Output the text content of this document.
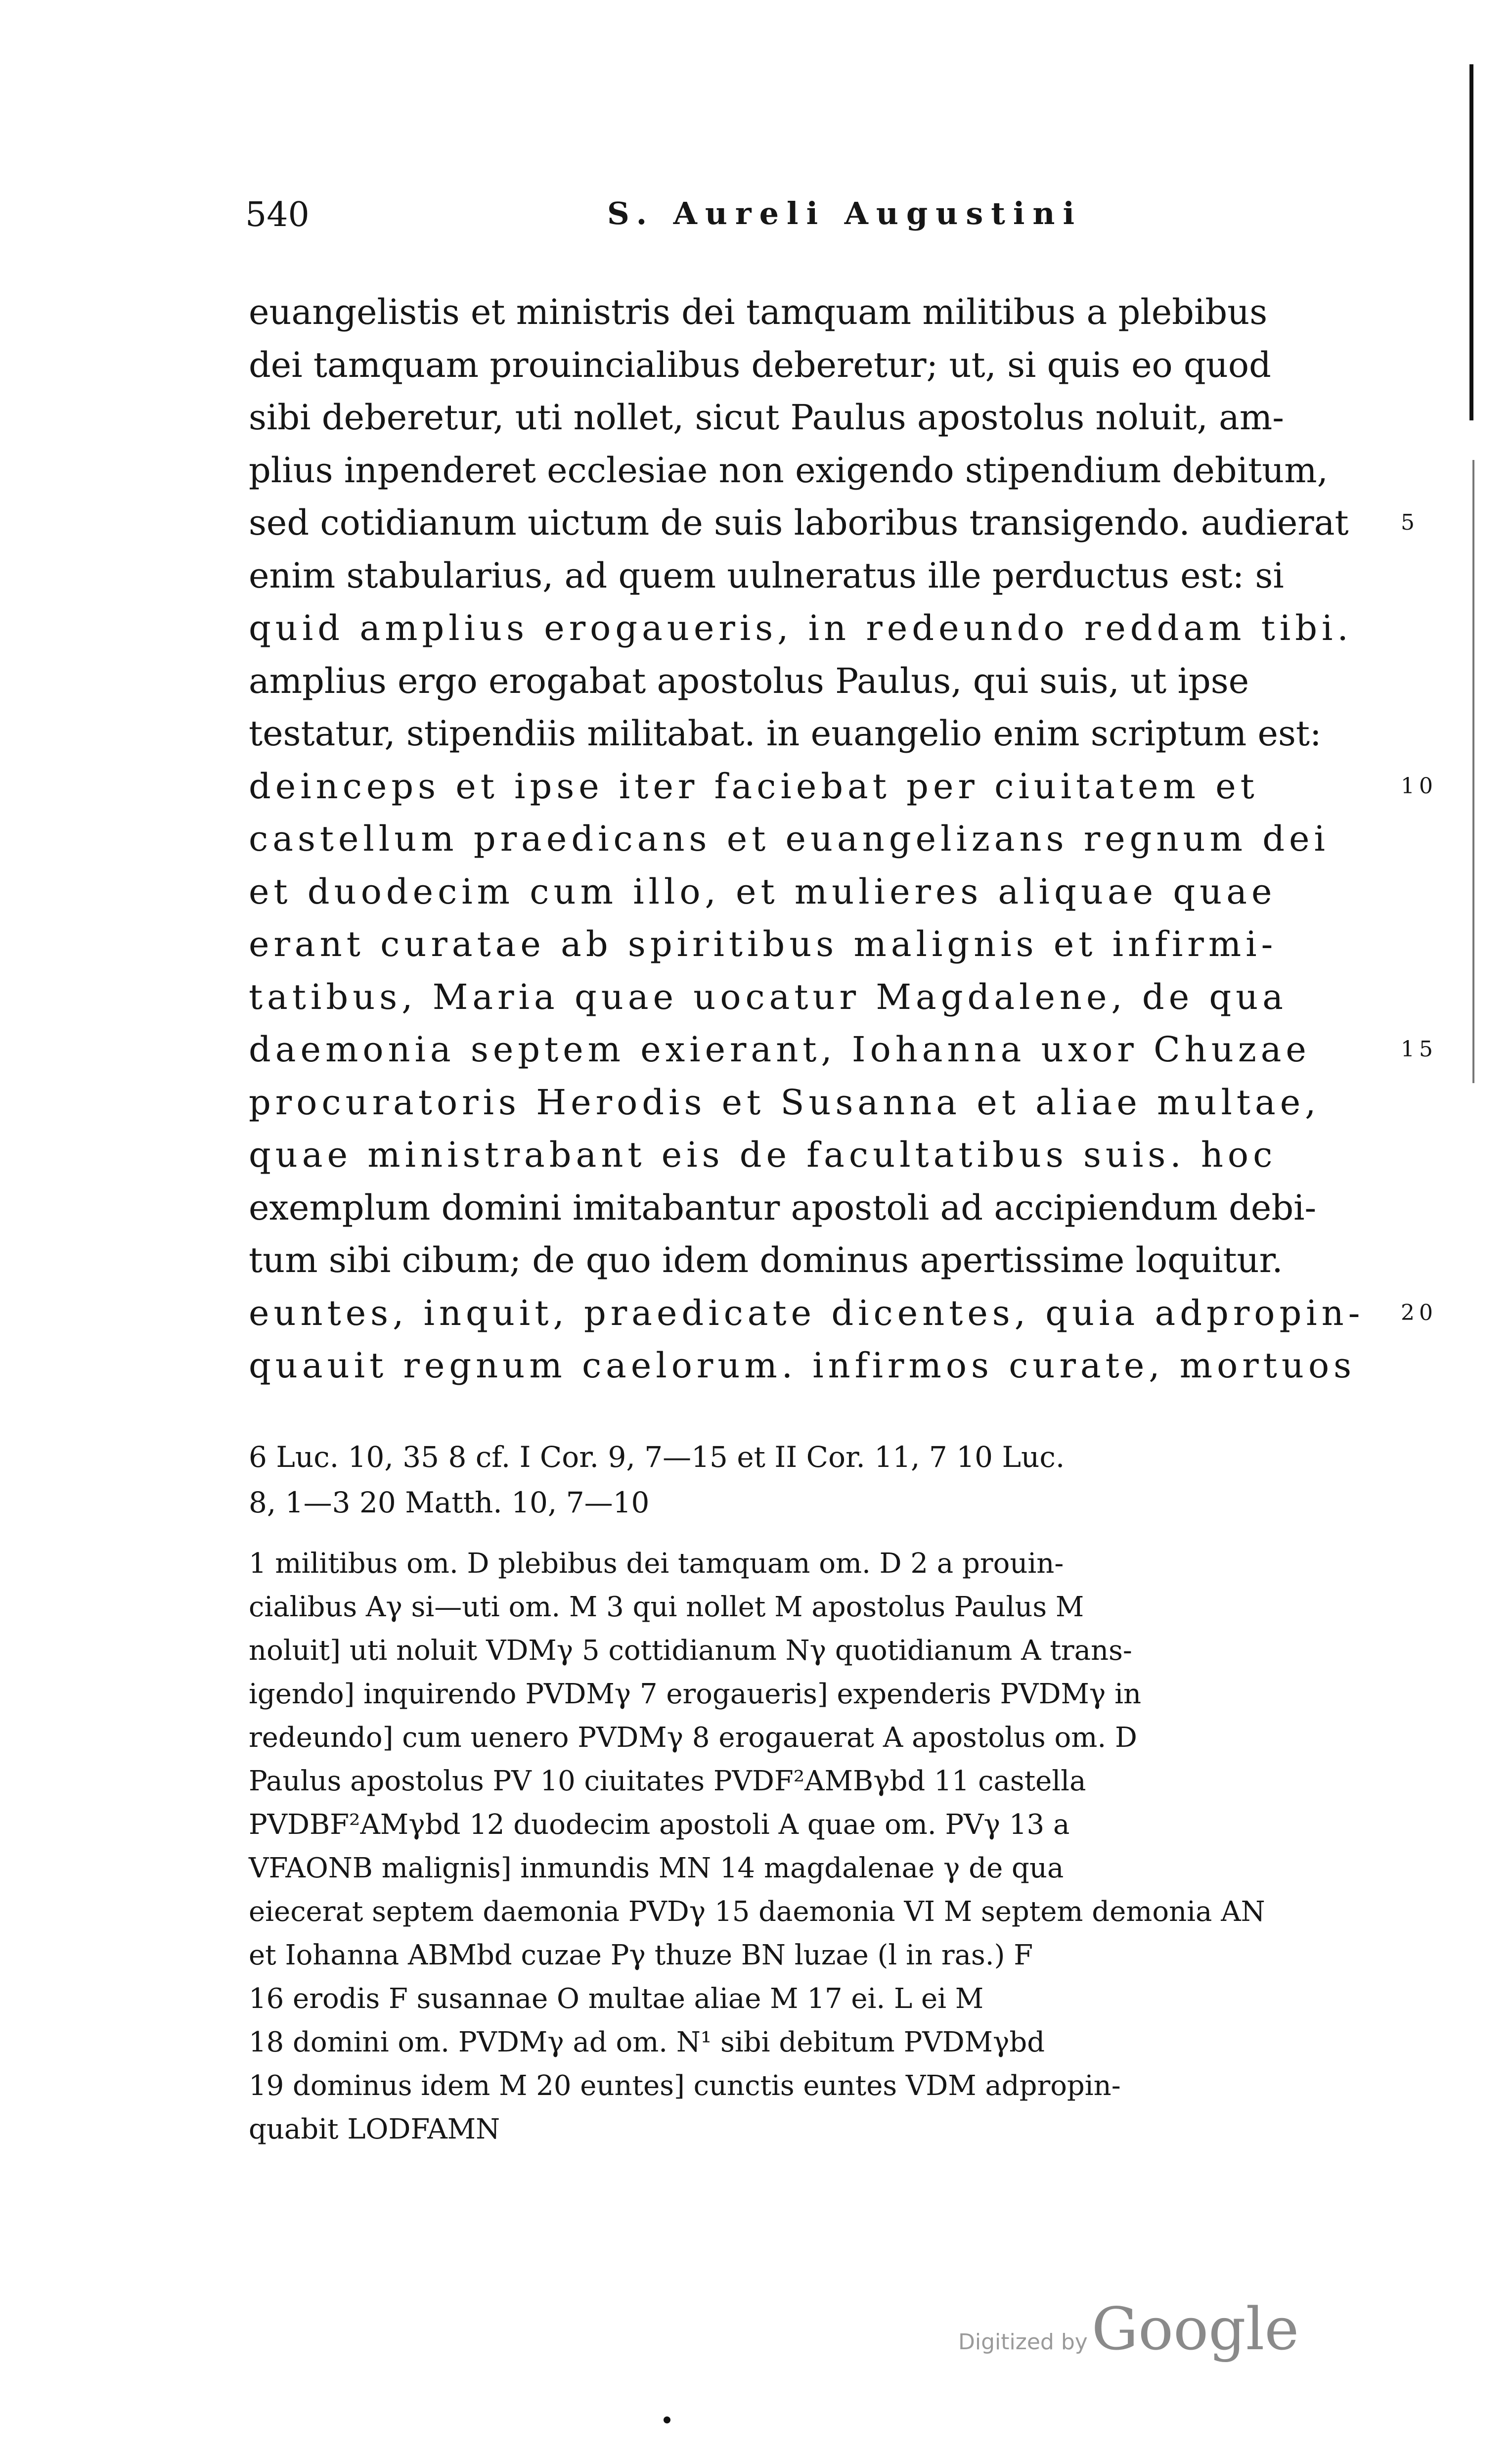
540	S. Aureli Augustini
euangelistis et ministris dei tamquam militibus a plebibus
dei tamquam prouincialibus deberetur; ut, si quis eo quod
sibi deberetur, uti nollet, sicut Paulus apostolus noluit, am-
plius inpenderet ecclesiae non exigendo stipendium debitum,
sed cotidianum uictum de suis laboribus transigendo. audierat 5
enim stabularius, ad quem uulneratus ille perductus est: si
quid amplius erogaueris, in redeundo reddam tibi.
amplius ergo erogabat apostolus Paulus, qui suis, ut ipse
testatur, stipendiis militabat. in euangelio enim scriptum est:
deinceps et ipse iter faciebat per ciuitatem et	10
castellum praedicans et euangelizans regnum dei
et duodecim cum illo, et mulieres aliquae quae
erant curatae ab spiritibus malignis et infirmi-
tatibus, Maria quae uocatur Magdalene, de qua
daemonia septem exierant, Iohanna uxor Chuzae	15
procuratoris Herodis et Susanna et aliae multae,
quae ministrabant eis de facultatibus suis. hoc
exemplum domini imitabantur apostoli ad accipiendum debi-
tum sibi cibum; de quo idem dominus apertissime loquitur.
euntes, inquit, praedicate dicentes, quia adpropin- 20
quauit regnum caelorum. infirmos curate, mortuos
6 Luc. 10, 35 8 cf. I Cor. 9, 7—15 et II Cor. 11, 7 10 Luc.
8, 1—3 20 Matth. 10, 7—10
1 militibus om. D plebibus dei tamquam om. D 2 a prouin-
cialibus Aγ si—uti om. M 3 qui nollet M apostolus Paulus M
noluit] uti noluit VDMγ 5 cottidianum Nγ quotidianum A trans-
igendo] inquirendo PVDMγ 7 erogaueris] expenderis PVDMγ in
redeundo] cum uenero PVDMγ 8 erogauerat A apostolus om. D
Paulus apostolus PV 10 ciuitates PVDF²AMBγbd 11 castella
PVDBF²AMγbd 12 duodecim apostoli A quae om. PVγ 13 a
VFAONB malignis] inmundis MN 14 magdalenae γ de qua
eiecerat septem daemonia PVDγ 15 daemonia VI M septem demonia AN
et Iohanna ABMbd cuzae Pγ thuze BN luzae (l in ras.) F
16 erodis F susannae O multae aliae M 17 ei. L ei M
18 domini om. PVDMγ ad om. N¹ sibi debitum PVDMγbd
19 dominus idem M 20 euntes] cunctis euntes VDM adpropin-
quabit LODFAMN
Digitized byGoogle
